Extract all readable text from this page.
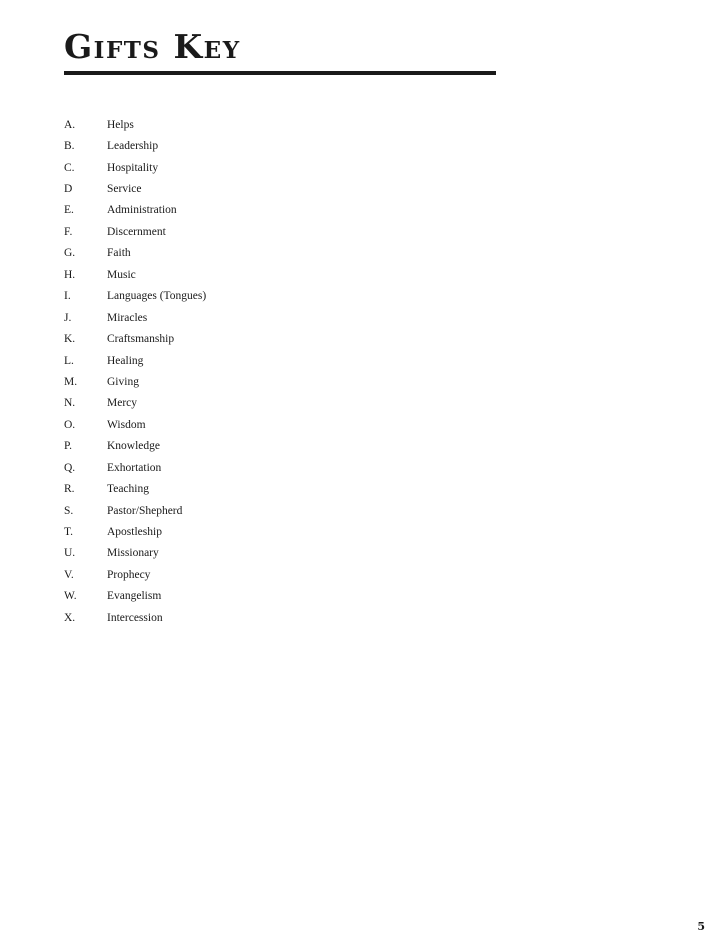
Gifts Key
A.	Helps
B.	Leadership
C.	Hospitality
D	Service
E.	Administration
F.	Discernment
G.	Faith
H.	Music
I.	Languages (Tongues)
J.	Miracles
K.	Craftsmanship
L.	Healing
M.	Giving
N.	Mercy
O.	Wisdom
P.	Knowledge
Q.	Exhortation
R.	Teaching
S.	Pastor/Shepherd
T.	Apostleship
U.	Missionary
V.	Prophecy
W.	Evangelism
X.	Intercession
5
